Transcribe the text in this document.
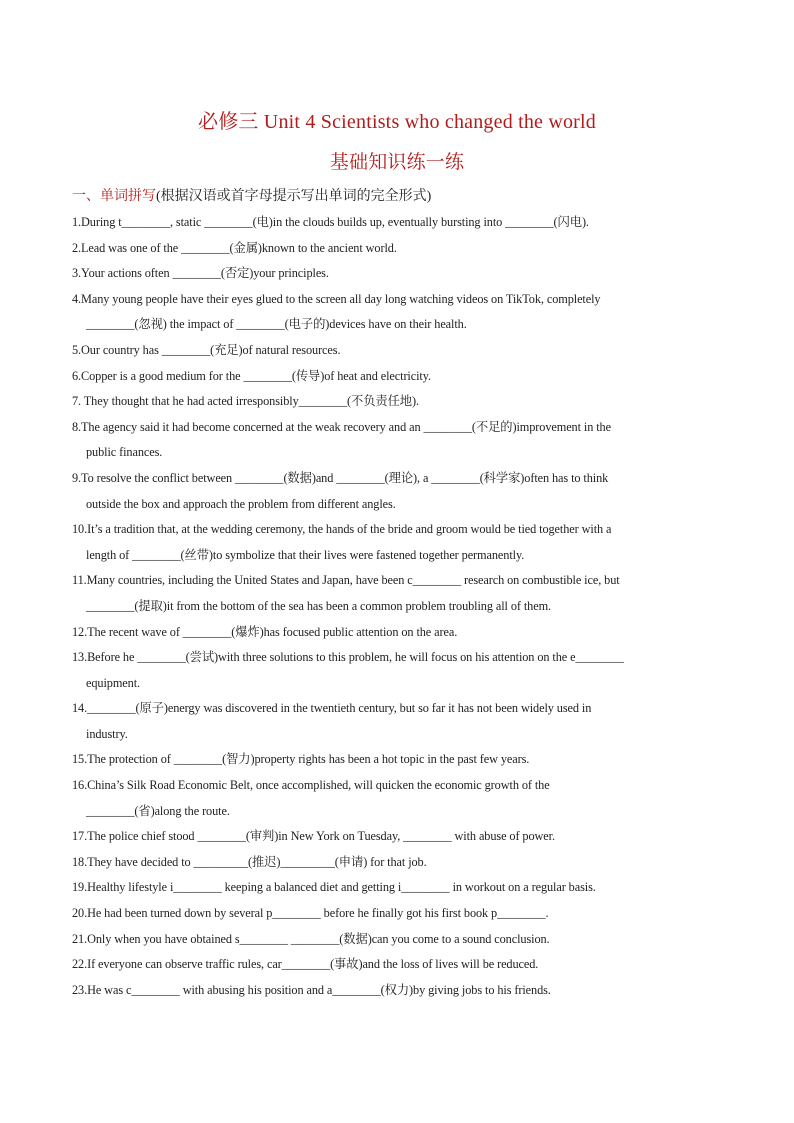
必修三 Unit 4 Scientists who changed the world
基础知识练一练
一、单词拼写(根据汉语或首字母提示写出单词的完全形式)
1.During t________, static ________(电)in the clouds builds up, eventually bursting into ________(闪电).
2.Lead was one of the ________(金属)known to the ancient world.
3.Your actions often ________(否定)your principles.
4.Many young people have their eyes glued to the screen all day long watching videos on TikTok, completely
________(忽视) the impact of ________(电子的)devices have on their health.
5.Our country has ________(充足)of natural resources.
6.Copper is a good medium for the ________(传导)of heat and electricity.
7. They thought that he had acted irresponsibly________(不负责任地).
8.The agency said it had become concerned at the weak recovery and an ________(不足的)improvement in the
public finances.
9.To resolve the conflict between ________(数据)and ________(理论), a ________(科学家)often has to think
outside the box and approach the problem from different angles.
10.It’s a tradition that, at the wedding ceremony, the hands of the bride and groom would be tied together with a
length of ________(丝带)to symbolize that their lives were fastened together permanently.
11.Many countries, including the United States and Japan, have been c________ research on combustible ice, but
________(提取)it from the bottom of the sea has been a common problem troubling all of them.
12.The recent wave of ________(爆炸)has focused public attention on the area.
13.Before he ________(尝试)with three solutions to this problem, he will focus on his attention on the e________
equipment.
14.________(原子)energy was discovered in the twentieth century, but so far it has not been widely used in
industry.
15.The protection of ________(智力)property rights has been a hot topic in the past few years.
16.China’s Silk Road Economic Belt, once accomplished, will quicken the economic growth of the
________(省)along the route.
17.The police chief stood ________(审判)in New York on Tuesday, ________ with abuse of power.
18.They have decided to _________(推迟)_________(申请) for that job.
19.Healthy lifestyle i________ keeping a balanced diet and getting i________ in workout on a regular basis.
20.He had been turned down by several p________ before he finally got his first book p________.
21.Only when you have obtained s________ ________(数据)can you come to a sound conclusion.
22.If everyone can observe traffic rules, car________(事故)and the loss of lives will be reduced.
23.He was c________ with abusing his position and a________(权力)by giving jobs to his friends.
